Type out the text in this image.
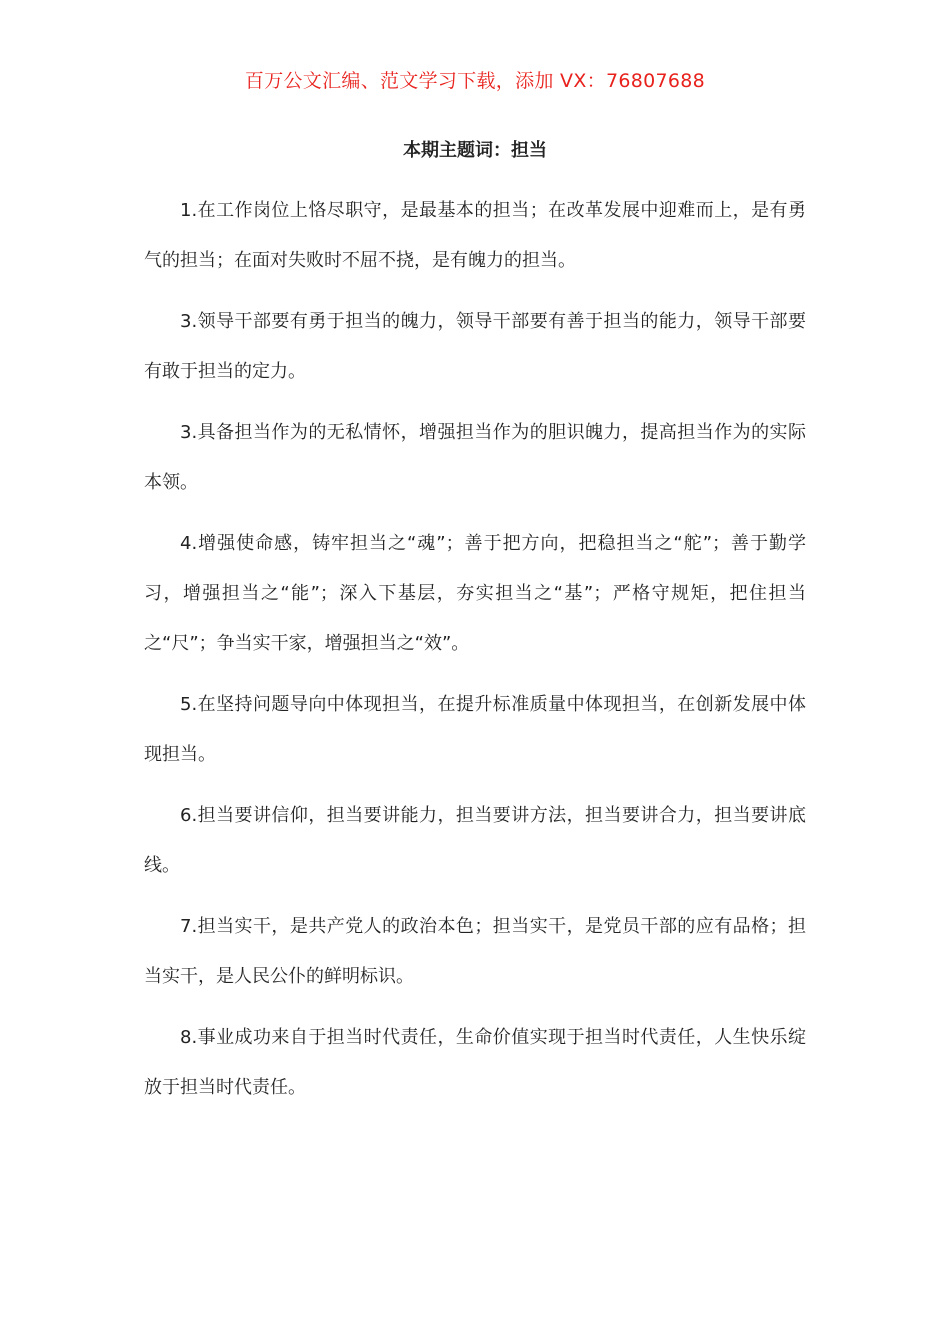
百万公文汇编、范文学习下载，添加 VX：76807688
本期主题词：担当

1.在工作岗位上恪尽职守，是最基本的担当；在改革发展中迎难而上，是有勇气的担当；在面对失败时不屈不挠，是有魄力的担当。

3.领导干部要有勇于担当的魄力，领导干部要有善于担当的能力，领导干部要有敢于担当的定力。

3.具备担当作为的无私情怀，增强担当作为的胆识魄力，提高担当作为的实际本领。

4.增强使命感，铸牢担当之“魂”；善于把方向，把稳担当之“舵”；善于勤学习，增强担当之“能”；深入下基层，夯实担当之“基”；严格守规矩，把住担当之“尺”；争当实干家，增强担当之“效”。

5.在坚持问题导向中体现担当，在提升标准质量中体现担当，在创新发展中体现担当。

6.担当要讲信仰，担当要讲能力，担当要讲方法，担当要讲合力，担当要讲底线。

7.担当实干，是共产党人的政治本色；担当实干，是党员干部的应有品格；担当实干，是人民公仆的鲜明标识。

8.事业成功来自于担当时代责任，生命价值实现于担当时代责任，人生快乐绽放于担当时代责任。
